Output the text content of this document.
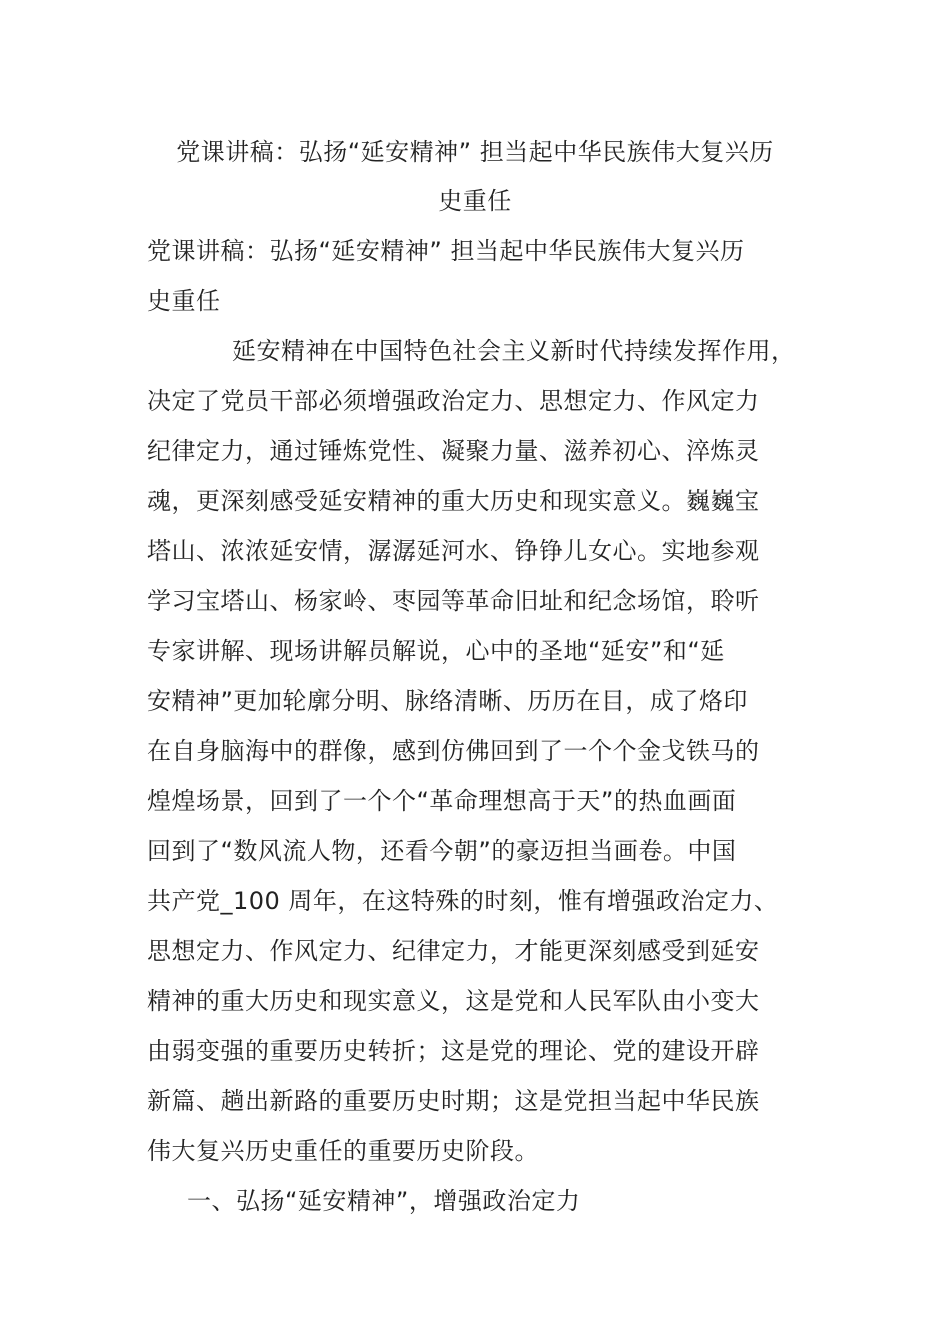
党课讲稿：弘扬“延安精神” 担当起中华民族伟大复兴历
史重任
党课讲稿：弘扬“延安精神” 担当起中华民族伟大复兴历
史重任
延安精神在中国特色社会主义新时代持续发挥作用，
决定了党员干部必须增强政治定力、思想定力、作风定力
纪律定力，通过锤炼党性、凝聚力量、滋养初心、淬炼灵
魂，更深刻感受延安精神的重大历史和现实意义。巍巍宝
塔山、浓浓延安情，潺潺延河水、铮铮儿女心。实地参观
学习宝塔山、杨家岭、枣园等革命旧址和纪念场馆，聆听
专家讲解、现场讲解员解说，心中的圣地“延安”和“延
安精神”更加轮廓分明、脉络清晰、历历在目，成了烙印
在自身脑海中的群像，感到仿佛回到了一个个金戈铁马的
煌煌场景，回到了一个个“革命理想高于天”的热血画面
回到了“数风流人物，还看今朝”的豪迈担当画卷。中国
共产党_100 周年，在这特殊的时刻，惟有增强政治定力、
思想定力、作风定力、纪律定力，才能更深刻感受到延安
精神的重大历史和现实意义，这是党和人民军队由小变大
由弱变强的重要历史转折；这是党的理论、党的建设开辟
新篇、趟出新路的重要历史时期；这是党担当起中华民族
伟大复兴历史重任的重要历史阶段。
一、弘扬“延安精神”，增强政治定力
